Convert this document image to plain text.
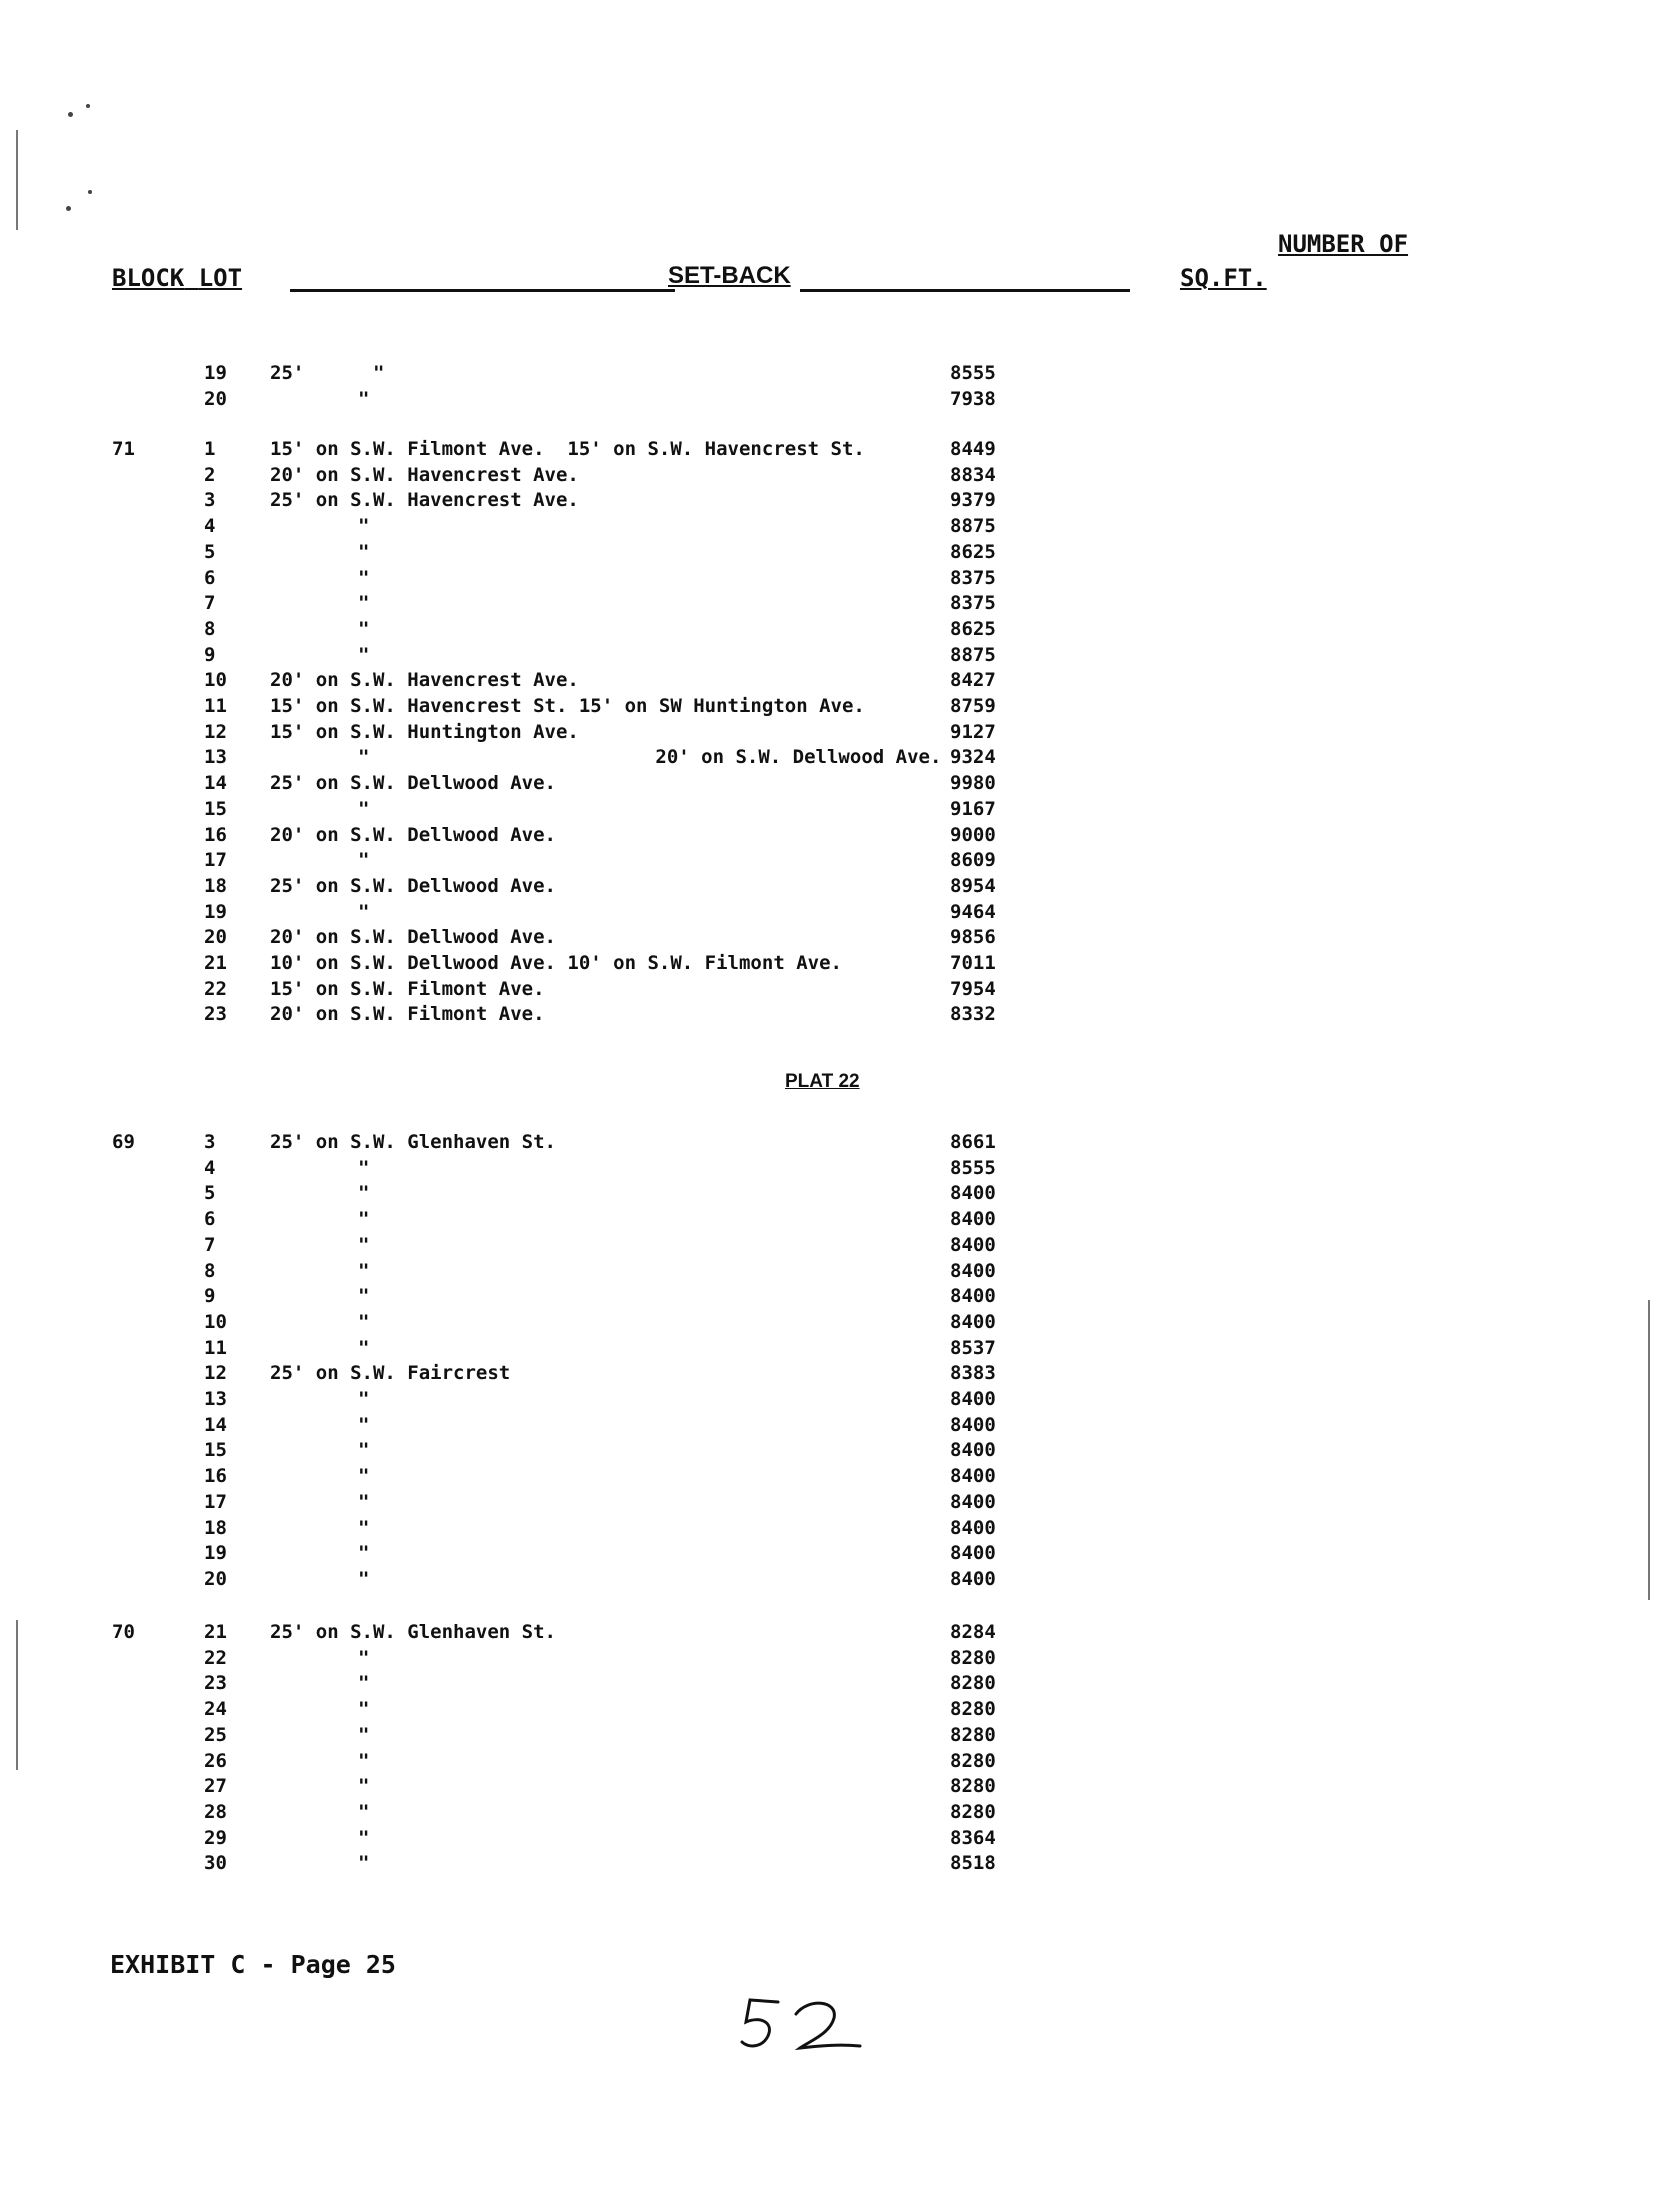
NUMBER OF
BLOCK LOT	SET-BACK	SQ.FT.
19 25'      "	8555
20	"	7938
71	1	15' on S.W. Filmont Ave.  15' on S.W. Havencrest St.	8449
2	20' on S.W. Havencrest Ave.	8834
3	25' on S.W. Havencrest Ave.	9379
4	"	8875
5	"	8625
6	"	8375
7	"	8375
8	"	8625
9	"	8875
10 20' on S.W. Havencrest Ave.	8427
11 15' on S.W. Havencrest St. 15' on SW Huntington Ave.	8759
12 15' on S.W. Huntington Ave.	9127
13	"                         20' on S.W. Dellwood Ave. 9324
14 25' on S.W. Dellwood Ave.	9980
15	"	9167
16 20' on S.W. Dellwood Ave.	9000
17	"	8609
18 25' on S.W. Dellwood Ave.	8954
19	"	9464
20 20' on S.W. Dellwood Ave.	9856
21 10' on S.W. Dellwood Ave. 10' on S.W. Filmont Ave.	7011
22 15' on S.W. Filmont Ave.	7954
23 20' on S.W. Filmont Ave.	8332
69	3	25' on S.W. Glenhaven St.	8661
4	"	8555
5	"	8400
6	"	8400
7	"	8400
8	"	8400
9	"	8400
10	"	8400
11	"	8537
12 25' on S.W. Faircrest	8383
13	"	8400
14	"	8400
15	"	8400
16	"	8400
17	"	8400
18	"	8400
19	"	8400
20	"	8400
70	21 25' on S.W. Glenhaven St.	8284
22	"	8280
23	"	8280
24	"	8280
25	"	8280
26	"	8280
27	"	8280
28	"	8280
29	"	8364
30	"	8518
PLAT 22
EXHIBIT C - Page 25
